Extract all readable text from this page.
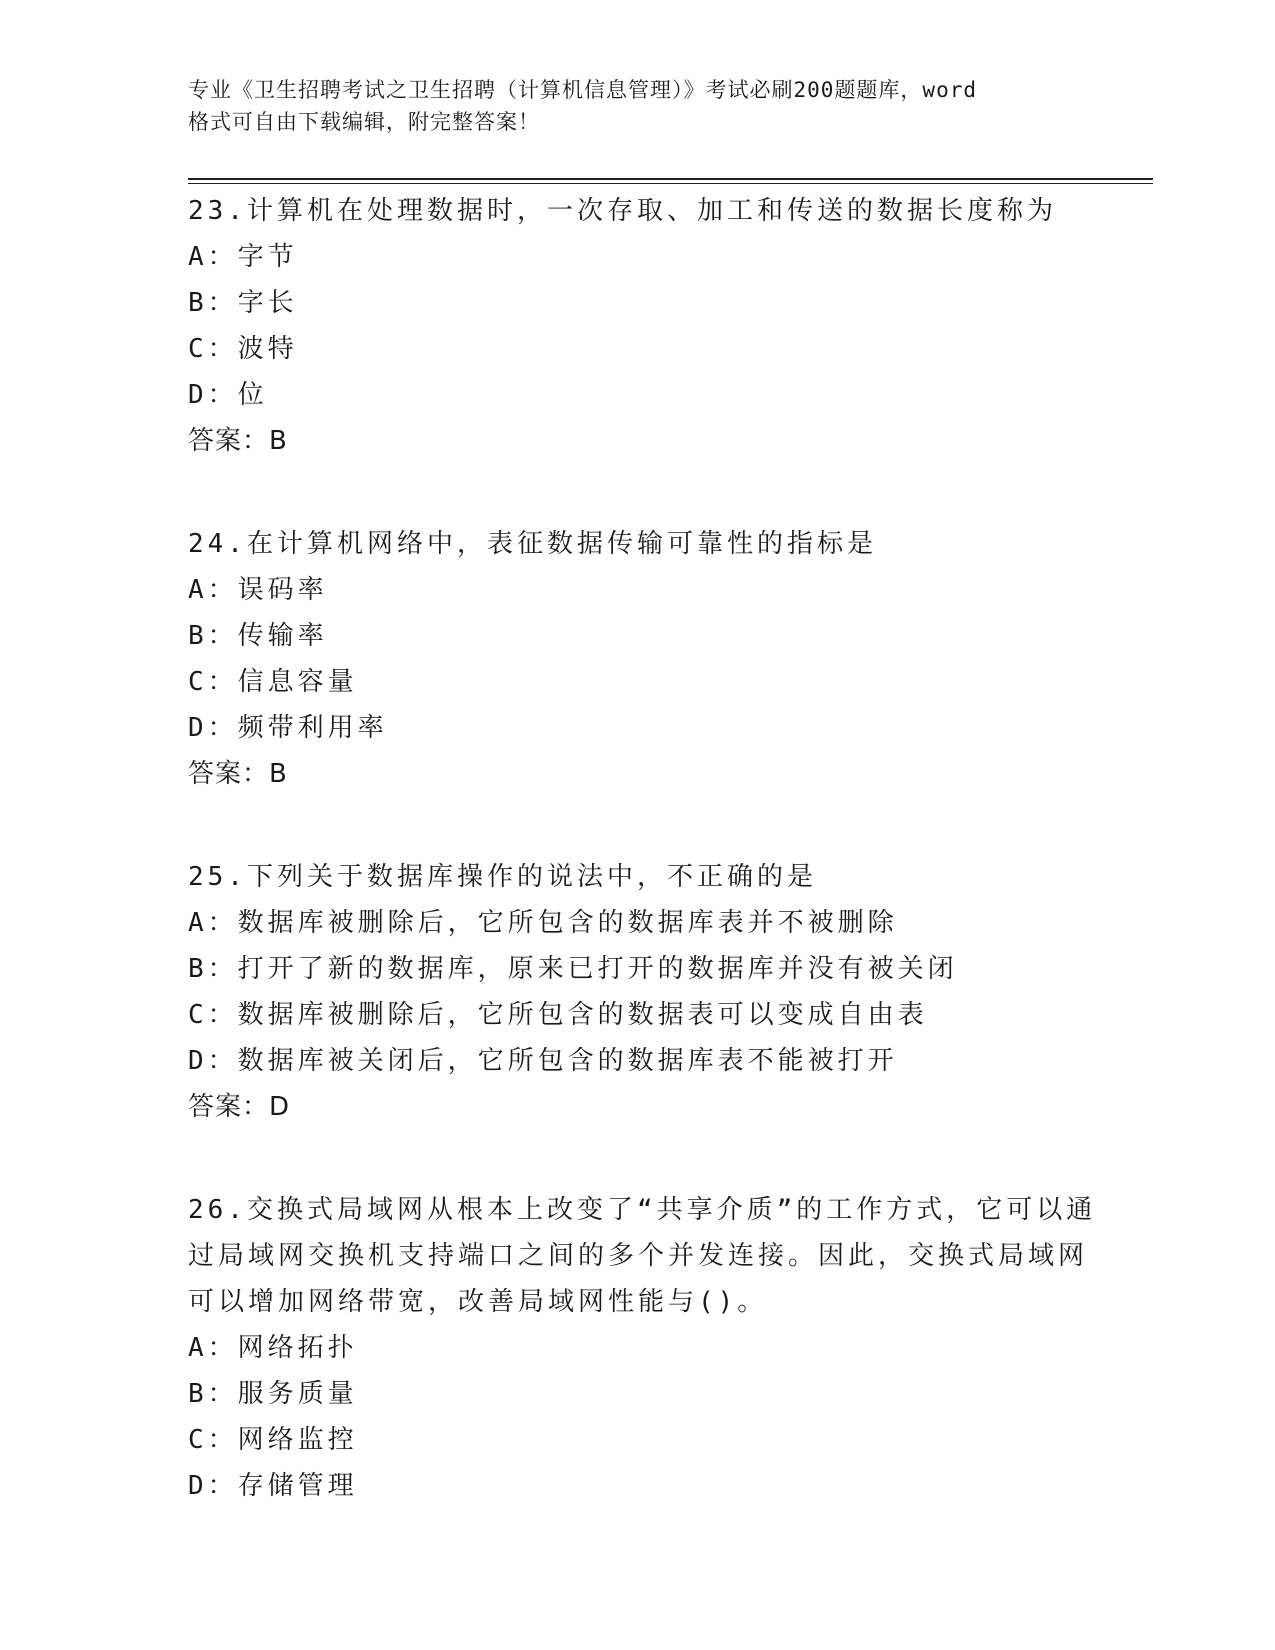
专业《卫生招聘考试之卫生招聘（计算机信息管理）》考试必刷200题题库，word
格式可自由下载编辑，附完整答案！
23.计算机在处理数据时，一次存取、加工和传送的数据长度称为
A：字节
B：字长
C：波特
D：位
答案：B
24.在计算机网络中，表征数据传输可靠性的指标是
A：误码率
B：传输率
C：信息容量
D：频带利用率
答案：B
25.下列关于数据库操作的说法中，不正确的是
A：数据库被删除后，它所包含的数据库表并不被删除
B：打开了新的数据库，原来已打开的数据库并没有被关闭
C：数据库被删除后，它所包含的数据表可以变成自由表
D：数据库被关闭后，它所包含的数据库表不能被打开
答案：D
26.交换式局域网从根本上改变了“共享介质”的工作方式，它可以通
过局域网交换机支持端口之间的多个并发连接。因此，交换式局域网
可以增加网络带宽，改善局域网性能与()。
A：网络拓扑
B：服务质量
C：网络监控
D：存储管理
